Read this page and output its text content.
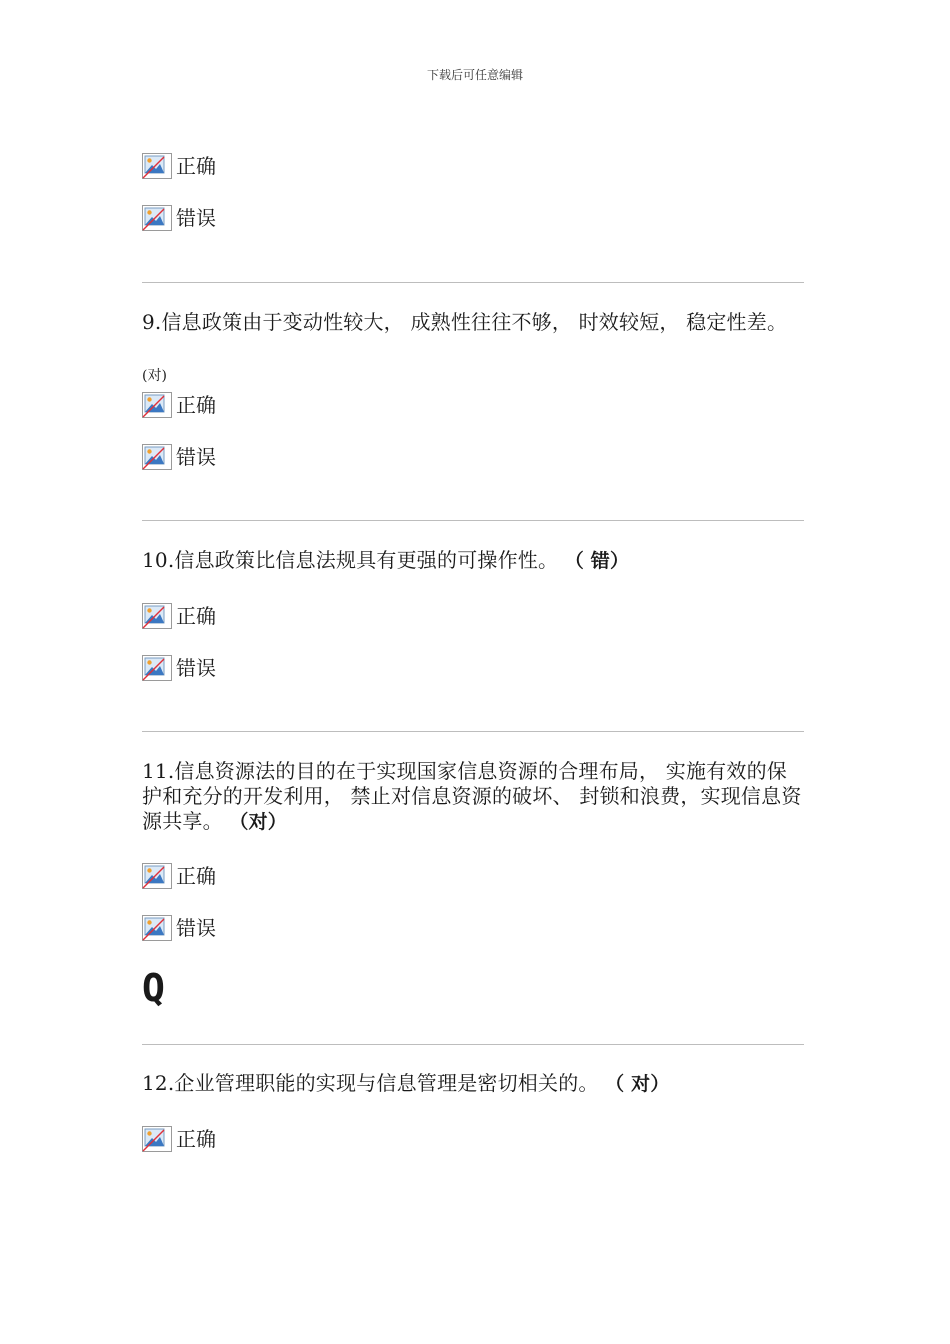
下载后可任意编辑
正确
错误
9.信息政策由于变动性较大， 成熟性往往不够， 时效较短， 稳定性差。
(对)
正确
错误
10.信息政策比信息法规具有更强的可操作性。 （ 错）
正确
错误
11.信息资源法的目的在于实现国家信息资源的合理布局， 实施有效的保护和充分的开发利用， 禁止对信息资源的破坏、 封锁和浪费，实现信息资源共享。 （对）
正确
错误
Q
12.企业管理职能的实现与信息管理是密切相关的。 （ 对）
正确
